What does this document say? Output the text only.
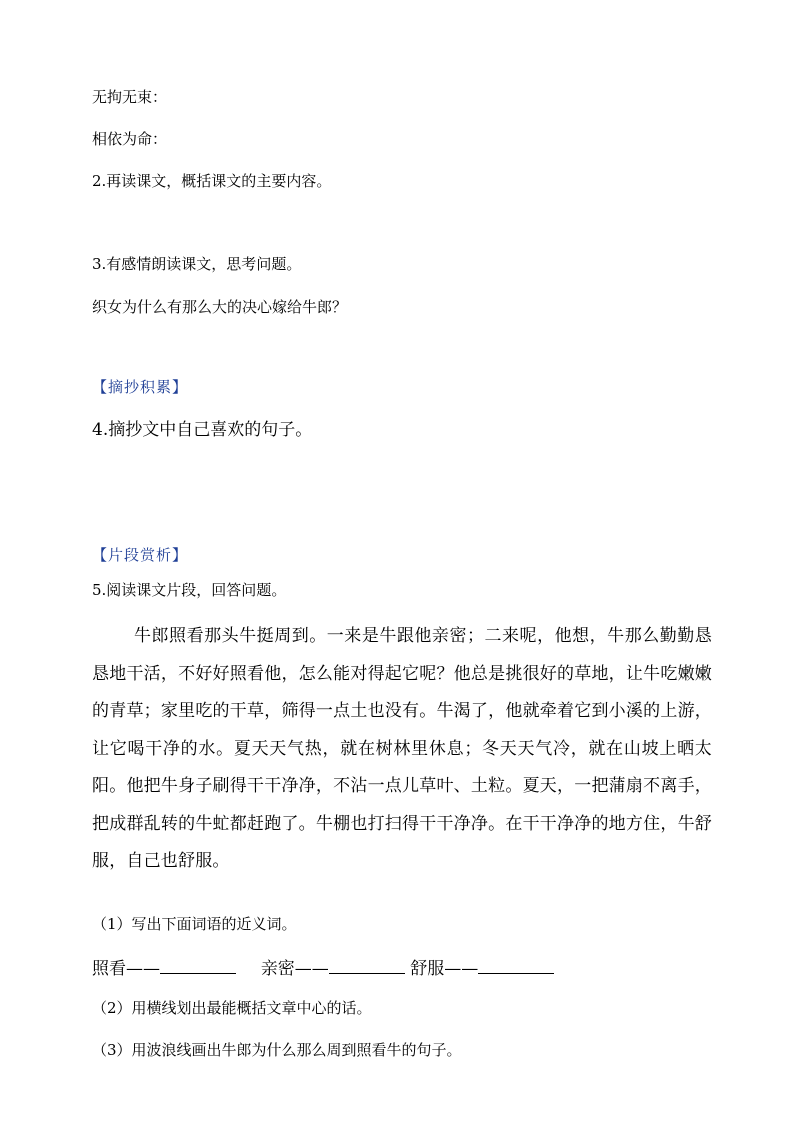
无拘无束：
相依为命：
2.再读课文，概括课文的主要内容。
3.有感情朗读课文，思考问题。
织女为什么有那么大的决心嫁给牛郎？
【摘抄积累】
4.摘抄文中自己喜欢的句子。
【片段赏析】
5.阅读课文片段，回答问题。
牛郎照看那头牛挺周到。一来是牛跟他亲密；二来呢，他想，牛那么勤勤恳恳地干活，不好好照看他，怎么能对得起它呢？他总是挑很好的草地，让牛吃嫩嫩的青草；家里吃的干草，筛得一点土也没有。牛渴了，他就牵着它到小溪的上游，让它喝干净的水。夏天天气热，就在树林里休息；冬天天气冷，就在山坡上晒太阳。他把牛身子刷得干干净净，不沾一点儿草叶、土粒。夏天，一把蒲扇不离手，把成群乱转的牛虻都赶跑了。牛棚也打扫得干干净净。在干干净净的地方住，牛舒服，自己也舒服。
（1）写出下面词语的近义词。
照看——	亲密——	舒服——
（2）用横线划出最能概括文章中心的话。
（3）用波浪线画出牛郎为什么那么周到照看牛的句子。
